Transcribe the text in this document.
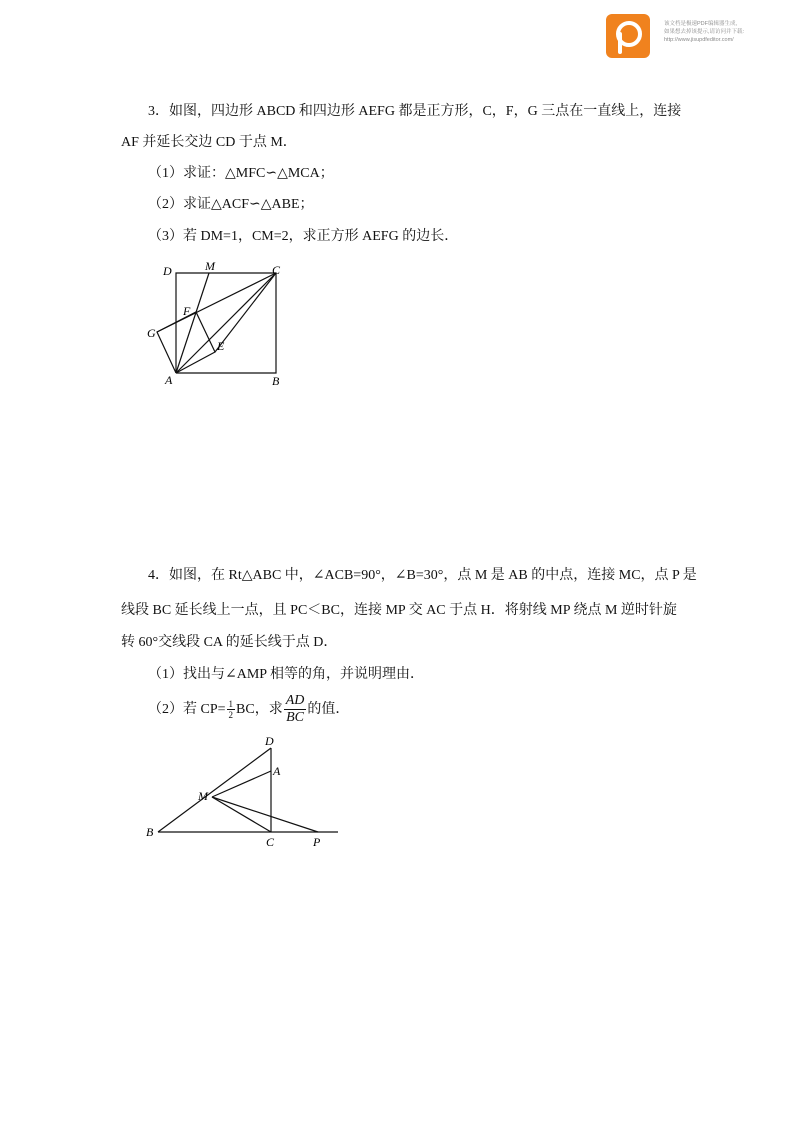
该文档是极速PDF编辑器生成,
如果想去掉该提示,请访问并下载:
http://www.jisupdfeditor.com/
3．如图，四边形 ABCD 和四边形 AEFG 都是正方形，C，F，G 三点在一直线上，连接
AF 并延长交边 CD 于点 M．
（1）求证：△MFC∽△MCA；
（2）求证△ACF∽△ABE；
（3）若 DM=1，CM=2，求正方形 AEFG 的边长．
D	M	C
F
G
E
A	B
4．如图，在 Rt△ABC 中，∠ACB=90°，∠B=30°，点 M 是 AB 的中点，连接 MC，点 P 是
线段 BC 延长线上一点，且 PC＜BC，连接 MP 交 AC 于点 H．将射线 MP 绕点 M 逆时针旋
转 60°交线段 CA 的延长线于点 D．
（1）找出与∠AMP 相等的角，并说明理由．
（2）若 $CP= \frac{1}{2}$ BC，求 $\frac{AD}{BC}$ 的值．
D
A
M
B
C	P
